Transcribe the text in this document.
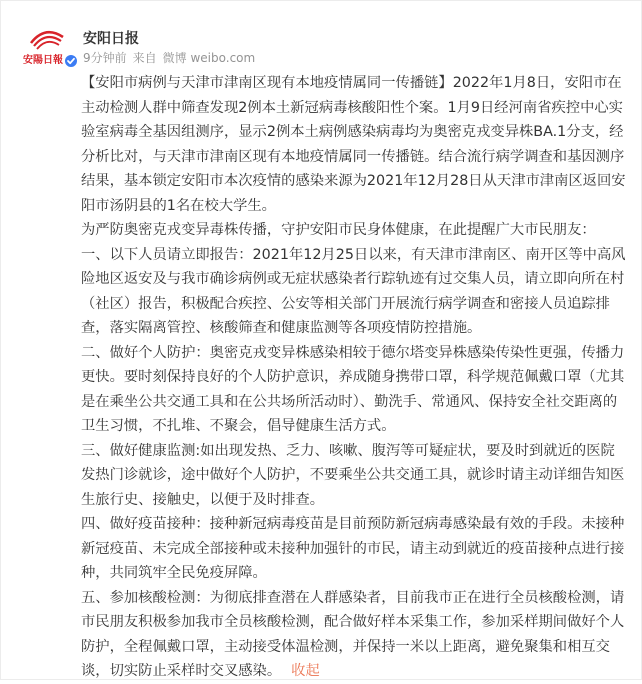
安陽日報
安阳日报
9分钟前 来自 微博 weibo.com

【安阳市病例与天津市津南区现有本地疫情属同一传播链】2022年1月8日，安阳市在主动检测人群中筛查发现2例本土新冠病毒核酸阳性个案。1月9日经河南省疾控中心实验室病毒全基因组测序，显示2例本土病例感染病毒均为奥密克戎变异株BA.1分支，经分析比对，与天津市津南区现有本地疫情属同一传播链。结合流行病学调查和基因测序结果，基本锁定安阳市本次疫情的感染来源为2021年12月28日从天津市津南区返回安阳市汤阴县的1名在校大学生。

为严防奥密克戎变异毒株传播，守护安阳市民身体健康，在此提醒广大市民朋友：

一、以下人员请立即报告：2021年12月25日以来，有天津市津南区、南开区等中高风险地区返安及与我市确诊病例或无症状感染者行踪轨迹有过交集人员，请立即向所在村（社区）报告，积极配合疾控、公安等相关部门开展流行病学调查和密接人员追踪排查，落实隔离管控、核酸筛查和健康监测等各项疫情防控措施。

二、做好个人防护：奥密克戎变异株感染相较于德尔塔变异株感染传染性更强，传播力更快。要时刻保持良好的个人防护意识，养成随身携带口罩，科学规范佩戴口罩（尤其是在乘坐公共交通工具和在公共场所活动时）、勤洗手、常通风、保持安全社交距离的卫生习惯，不扎堆、不聚会，倡导健康生活方式。

三、做好健康监测:如出现发热、乏力、咳嗽、腹泻等可疑症状，要及时到就近的医院发热门诊就诊，途中做好个人防护，不要乘坐公共交通工具，就诊时请主动详细告知医生旅行史、接触史，以便于及时排查。

四、做好疫苗接种：接种新冠病毒疫苗是目前预防新冠病毒感染最有效的手段。未接种新冠疫苗、未完成全部接种或未接种加强针的市民，请主动到就近的疫苗接种点进行接种，共同筑牢全民免疫屏障。

五、参加核酸检测：为彻底排查潜在人群感染者，目前我市正在进行全员核酸检测，请市民朋友积极参加我市全员核酸检测，配合做好样本采集工作，参加采样期间做好个人防护，全程佩戴口罩，主动接受体温检测，并保持一米以上距离，避免聚集和相互交谈，切实防止采样时交叉感染。 收起
